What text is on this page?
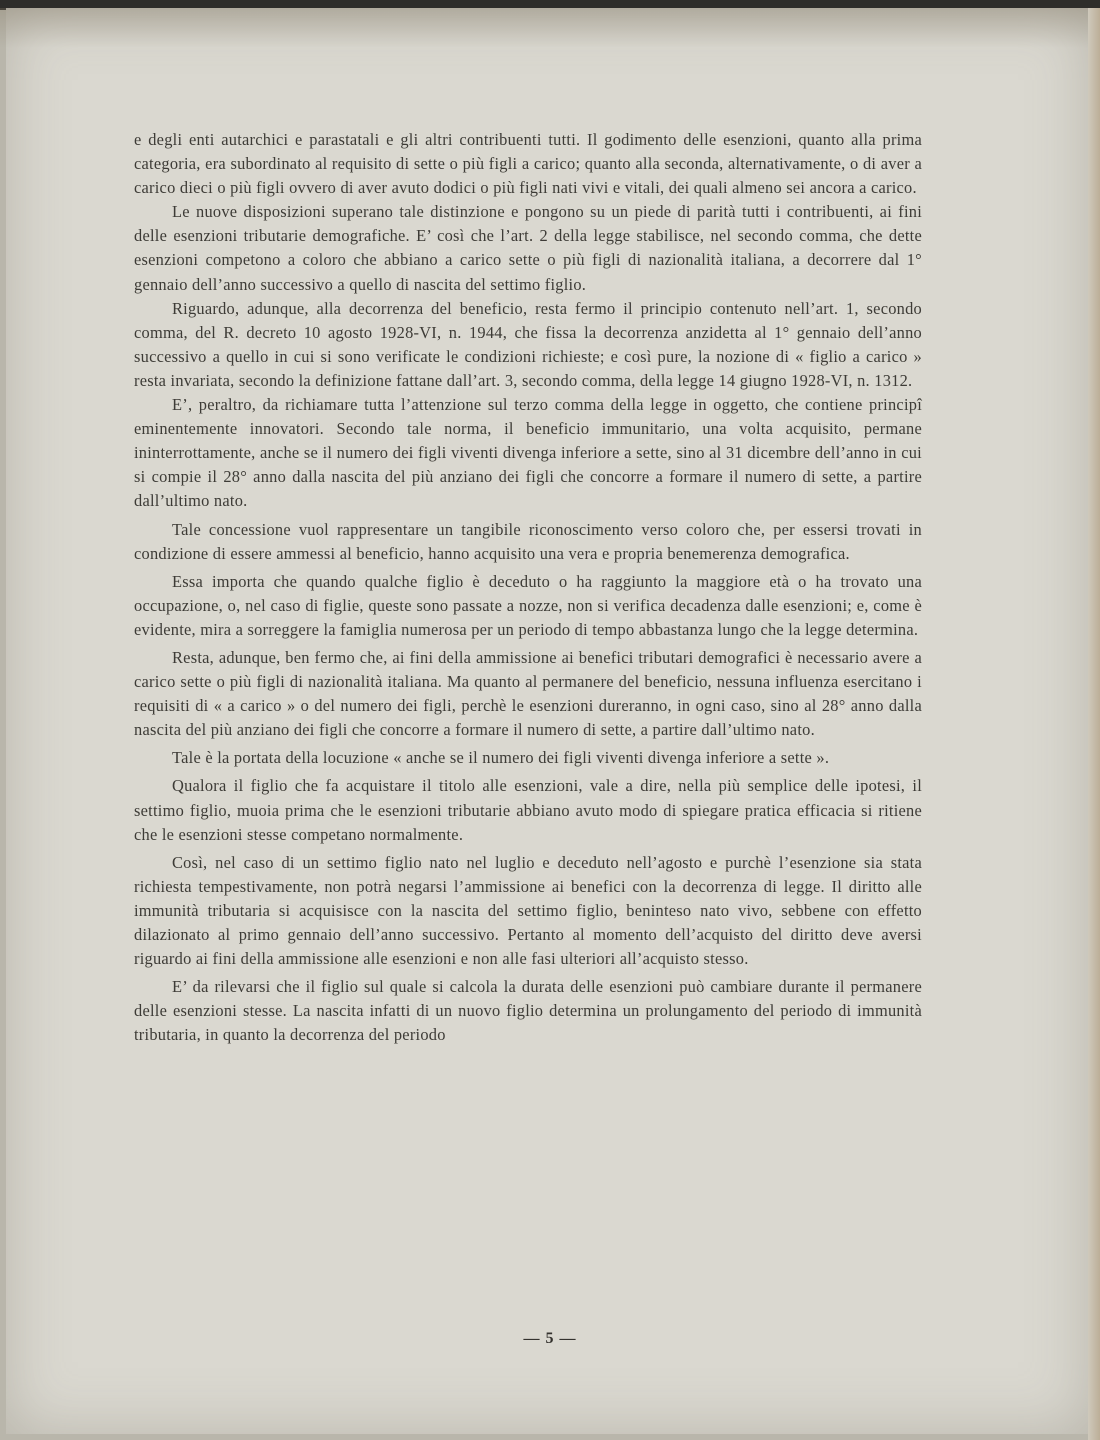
e degli enti autarchici e parastatali e gli altri contribuenti tutti. Il godimento delle esenzioni, quanto alla prima categoria, era subordinato al requisito di sette o più figli a carico; quanto alla seconda, alternativamente, o di aver a carico dieci o più figli ovvero di aver avuto dodici o più figli nati vivi e vitali, dei quali almeno sei ancora a carico.

Le nuove disposizioni superano tale distinzione e pongono su un piede di parità tutti i contribuenti, ai fini delle esenzioni tributarie demografiche. E’ così che l’art. 2 della legge stabilisce, nel secondo comma, che dette esenzioni competono a coloro che abbiano a carico sette o più figli di nazionalità italiana, a decorrere dal 1° gennaio dell’anno successivo a quello di nascita del settimo figlio.

Riguardo, adunque, alla decorrenza del beneficio, resta fermo il principio contenuto nell’art. 1, secondo comma, del R. decreto 10 agosto 1928-VI, n. 1944, che fissa la decorrenza anzidetta al 1° gennaio dell’anno successivo a quello in cui si sono verificate le condizioni richieste; e così pure, la nozione di « figlio a carico » resta invariata, secondo la definizione fattane dall’art. 3, secondo comma, della legge 14 giugno 1928-VI, n. 1312.

E’, peraltro, da richiamare tutta l’attenzione sul terzo comma della legge in oggetto, che contiene principî eminentemente innovatori. Secondo tale norma, il beneficio immunitario, una volta acquisito, permane ininterrottamente, anche se il numero dei figli viventi divenga inferiore a sette, sino al 31 dicembre dell’anno in cui si compie il 28° anno dalla nascita del più anziano dei figli che concorre a formare il numero di sette, a partire dall’ultimo nato.

Tale concessione vuol rappresentare un tangibile riconoscimento verso coloro che, per essersi trovati in condizione di essere ammessi al beneficio, hanno acquisito una vera e propria benemerenza demografica.

Essa importa che quando qualche figlio è deceduto o ha raggiunto la maggiore età o ha trovato una occupazione, o, nel caso di figlie, queste sono passate a nozze, non si verifica decadenza dalle esenzioni; e, come è evidente, mira a sorreggere la famiglia numerosa per un periodo di tempo abbastanza lungo che la legge determina.

Resta, adunque, ben fermo che, ai fini della ammissione ai benefici tributari demografici è necessario avere a carico sette o più figli di nazionalità italiana. Ma quanto al permanere del beneficio, nessuna influenza esercitano i requisiti di « a carico » o del numero dei figli, perchè le esenzioni dureranno, in ogni caso, sino al 28° anno dalla nascita del più anziano dei figli che concorre a formare il numero di sette, a partire dall’ultimo nato.

Tale è la portata della locuzione « anche se il numero dei figli viventi divenga inferiore a sette ».

Qualora il figlio che fa acquistare il titolo alle esenzioni, vale a dire, nella più semplice delle ipotesi, il settimo figlio, muoia prima che le esenzioni tributarie abbiano avuto modo di spiegare pratica efficacia si ritiene che le esenzioni stesse competano normalmente.

Così, nel caso di un settimo figlio nato nel luglio e deceduto nell’agosto e purchè l’esenzione sia stata richiesta tempestivamente, non potrà negarsi l’ammissione ai benefici con la decorrenza di legge. Il diritto alle immunità tributaria si acquisisce con la nascita del settimo figlio, beninteso nato vivo, sebbene con effetto dilazionato al primo gennaio dell’anno successivo. Pertanto al momento dell’acquisto del diritto deve aversi riguardo ai fini della ammissione alle esenzioni e non alle fasi ulteriori all’acquisto stesso.

E’ da rilevarsi che il figlio sul quale si calcola la durata delle esenzioni può cambiare durante il permanere delle esenzioni stesse. La nascita infatti di un nuovo figlio determina un prolungamento del periodo di immunità tributaria, in quanto la decorrenza del periodo

— 5 —
